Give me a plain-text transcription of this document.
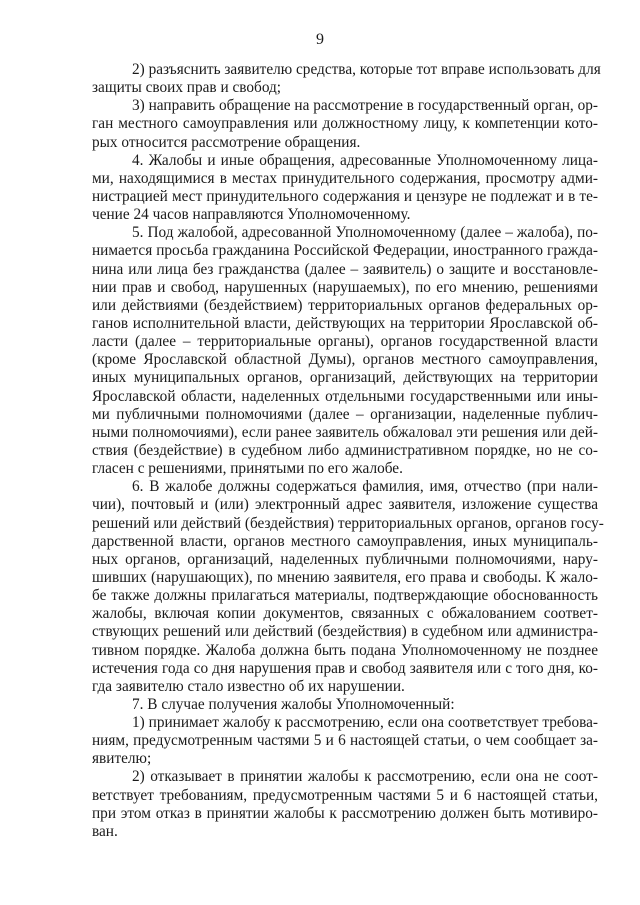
9
2) разъяснить заявителю средства, которые тот вправе использовать для
защиты своих прав и свобод;
3) направить обращение на рассмотрение в государственный орган, ор-
ган местного самоуправления или должностному лицу, к компетенции кото-
рых относится рассмотрение обращения.
4. Жалобы и иные обращения, адресованные Уполномоченному лица-
ми, находящимися в местах принудительного содержания, просмотру адми-
нистрацией мест принудительного содержания и цензуре не подлежат и в те-
чение 24 часов направляются Уполномоченному.
5. Под жалобой, адресованной Уполномоченному (далее – жалоба), по-
нимается просьба гражданина Российской Федерации, иностранного гражда-
нина или лица без гражданства (далее – заявитель) о защите и восстановле-
нии прав и свобод, нарушенных (нарушаемых), по его мнению, решениями
или действиями (бездействием) территориальных органов федеральных ор-
ганов исполнительной власти, действующих на территории Ярославской об-
ласти (далее – территориальные органы), органов государственной власти
(кроме Ярославской областной Думы), органов местного самоуправления,
иных муниципальных органов, организаций, действующих на территории
Ярославской области, наделенных отдельными государственными или ины-
ми публичными полномочиями (далее – организации, наделенные публич-
ными полномочиями), если ранее заявитель обжаловал эти решения или дей-
ствия (бездействие) в судебном либо административном порядке, но не со-
гласен с решениями, принятыми по его жалобе.
6. В жалобе должны содержаться фамилия, имя, отчество (при нали-
чии), почтовый и (или) электронный адрес заявителя, изложение существа
решений или действий (бездействия) территориальных органов, органов госу-
дарственной власти, органов местного самоуправления, иных муниципаль-
ных органов, организаций, наделенных публичными полномочиями, нару-
шивших (нарушающих), по мнению заявителя, его права и свободы. К жало-
бе также должны прилагаться материалы, подтверждающие обоснованность
жалобы, включая копии документов, связанных с обжалованием соответ-
ствующих решений или действий (бездействия) в судебном или администра-
тивном порядке. Жалоба должна быть подана Уполномоченному не позднее
истечения года со дня нарушения прав и свобод заявителя или с того дня, ко-
гда заявителю стало известно об их нарушении.
7. В случае получения жалобы Уполномоченный:
1) принимает жалобу к рассмотрению, если она соответствует требова-
ниям, предусмотренным частями 5 и 6 настоящей статьи, о чем сообщает за-
явителю;
2) отказывает в принятии жалобы к рассмотрению, если она не соот-
ветствует требованиям, предусмотренным частями 5 и 6 настоящей статьи,
при этом отказ в принятии жалобы к рассмотрению должен быть мотивиро-
ван.
